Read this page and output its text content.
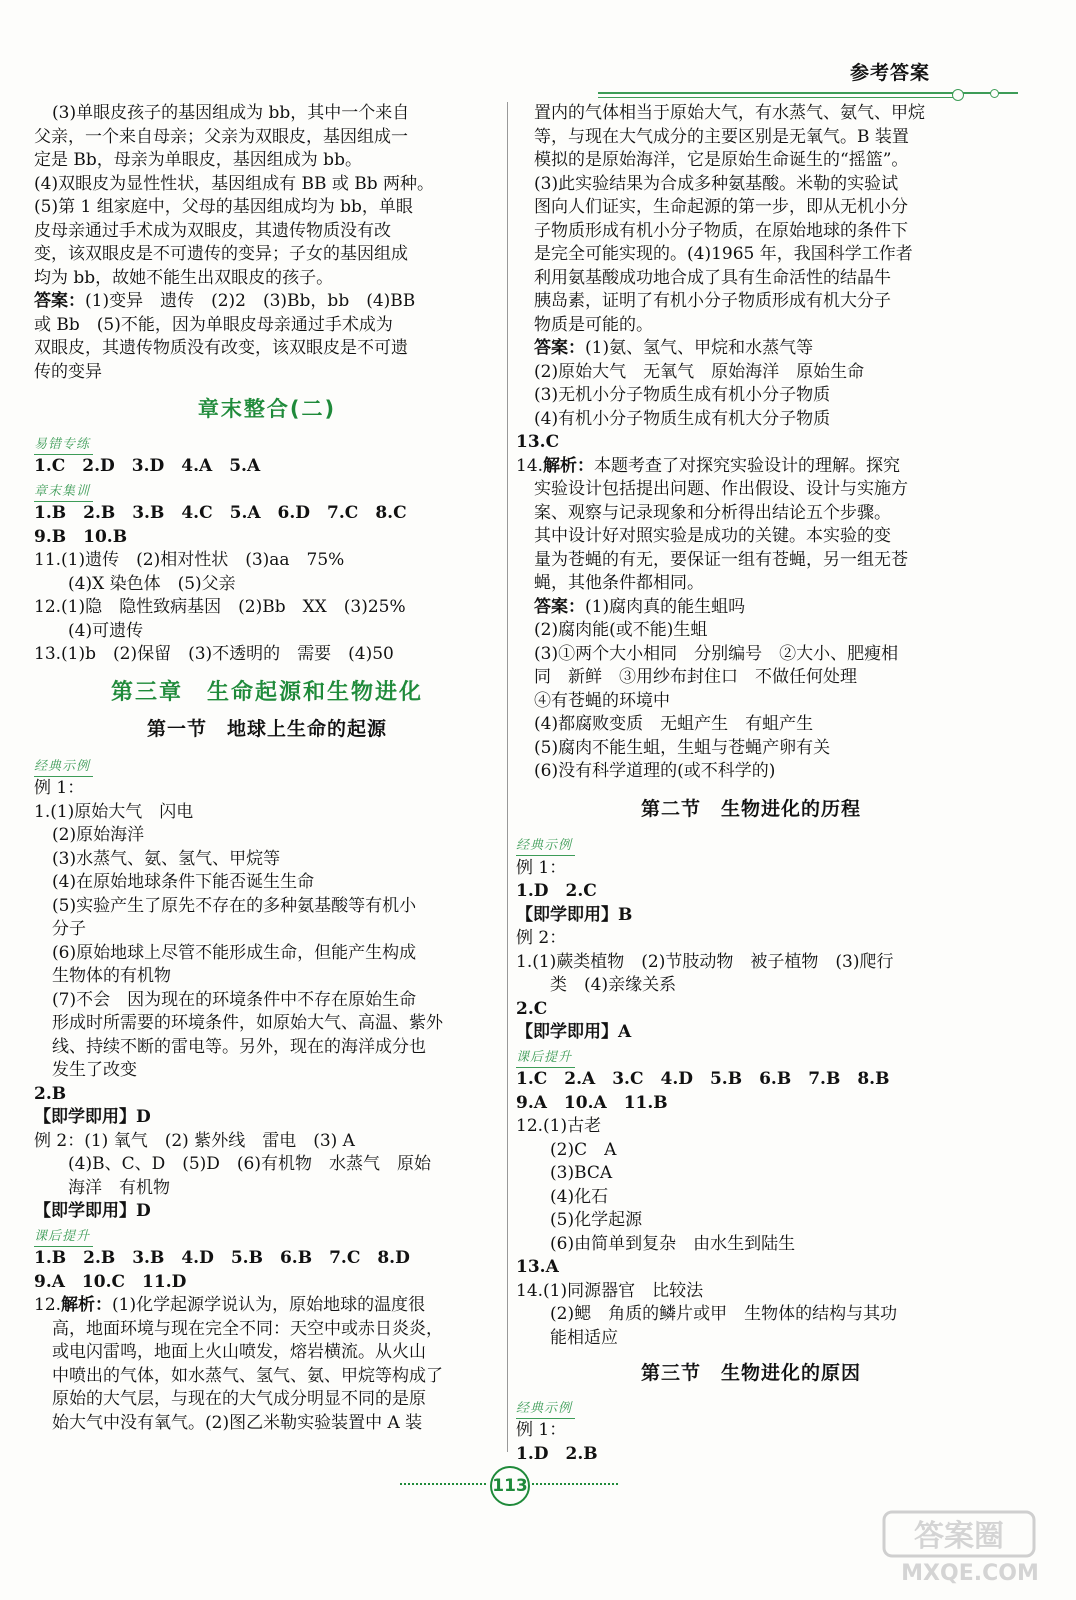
参考答案
(3)单眼皮孩子的基因组成为 bb，其中一个来自
父亲，一个来自母亲；父亲为双眼皮，基因组成一
定是 Bb，母亲为单眼皮，基因组成为 bb。
(4)双眼皮为显性性状，基因组成有 BB 或 Bb 两种。
(5)第 1 组家庭中，父母的基因组成均为 bb，单眼
皮母亲通过手术成为双眼皮，其遗传物质没有改
变，该双眼皮是不可遗传的变异；子女的基因组成
均为 bb，故她不能生出双眼皮的孩子。
答案：(1)变异　遗传　(2)2　(3)Bb，bb　(4)BB
或 Bb　(5)不能，因为单眼皮母亲通过手术成为
双眼皮，其遗传物质没有改变，该双眼皮是不可遗
传的变异
章末整合(二)
易错专练
1.C　2.D　3.D　4.A　5.A
章末集训
1.B　2.B　3.B　4.C　5.A　6.D　7.C　8.C
9.B　10.B
11.(1)遗传　(2)相对性状　(3)aa　75%
(4)X 染色体　(5)父亲
12.(1)隐　隐性致病基因　(2)Bb　XX　(3)25%
(4)可遗传
13.(1)b　(2)保留　(3)不透明的　需要　(4)50
第三章　生命起源和生物进化
第一节　地球上生命的起源
经典示例
例 1：
1.(1)原始大气　闪电
(2)原始海洋
(3)水蒸气、氨、氢气、甲烷等
(4)在原始地球条件下能否诞生生命
(5)实验产生了原先不存在的多种氨基酸等有机小
分子
(6)原始地球上尽管不能形成生命，但能产生构成
生物体的有机物
(7)不会　因为现在的环境条件中不存在原始生命
形成时所需要的环境条件，如原始大气、高温、紫外
线、持续不断的雷电等。另外，现在的海洋成分也
发生了改变
2.B
【即学即用】D
例 2：(1) 氧气　(2) 紫外线　雷电　(3) A
(4)B、C、D　(5)D　(6)有机物　水蒸气　原始
海洋　有机物
【即学即用】D
课后提升
1.B　2.B　3.B　4.D　5.B　6.B　7.C　8.D
9.A　10.C　11.D
12.解析：(1)化学起源学说认为，原始地球的温度很
高，地面环境与现在完全不同：天空中或赤日炎炎，
或电闪雷鸣，地面上火山喷发，熔岩横流。从火山
中喷出的气体，如水蒸气、氢气、氨、甲烷等构成了
原始的大气层，与现在的大气成分明显不同的是原
始大气中没有氧气。(2)图乙米勒实验装置中 A 装
置内的气体相当于原始大气，有水蒸气、氨气、甲烷
等，与现在大气成分的主要区别是无氧气。B 装置
模拟的是原始海洋，它是原始生命诞生的“摇篮”。
(3)此实验结果为合成多种氨基酸。米勒的实验试
图向人们证实，生命起源的第一步，即从无机小分
子物质形成有机小分子物质，在原始地球的条件下
是完全可能实现的。(4)1965 年，我国科学工作者
利用氨基酸成功地合成了具有生命活性的结晶牛
胰岛素，证明了有机小分子物质形成有机大分子
物质是可能的。
答案：(1)氨、氢气、甲烷和水蒸气等
(2)原始大气　无氧气　原始海洋　原始生命
(3)无机小分子物质生成有机小分子物质
(4)有机小分子物质生成有机大分子物质
13.C
14.解析：本题考查了对探究实验设计的理解。探究
实验设计包括提出问题、作出假设、设计与实施方
案、观察与记录现象和分析得出结论五个步骤。
其中设计好对照实验是成功的关键。本实验的变
量为苍蝇的有无，要保证一组有苍蝇，另一组无苍
蝇，其他条件都相同。
答案：(1)腐肉真的能生蛆吗
(2)腐肉能(或不能)生蛆
(3)①两个大小相同　分别编号　②大小、肥瘦相
同　新鲜　③用纱布封住口　不做任何处理
④有苍蝇的环境中
(4)都腐败变质　无蛆产生　有蛆产生
(5)腐肉不能生蛆，生蛆与苍蝇产卵有关
(6)没有科学道理的(或不科学的)
第二节　生物进化的历程
经典示例
例 1：
1.D　2.C
【即学即用】B
例 2：
1.(1)蕨类植物　(2)节肢动物　被子植物　(3)爬行
类　(4)亲缘关系
2.C
【即学即用】A
课后提升
1.C　2.A　3.C　4.D　5.B　6.B　7.B　8.B
9.A　10.A　11.B
12.(1)古老
(2)C　A
(3)BCA
(4)化石
(5)化学起源
(6)由简单到复杂　由水生到陆生
13.A
14.(1)同源器官　比较法
(2)鳃　角质的鳞片或甲　生物体的结构与其功
能相适应
第三节　生物进化的原因
经典示例
例 1：
1.D　2.B
113
答案圈
MXQE.COM
